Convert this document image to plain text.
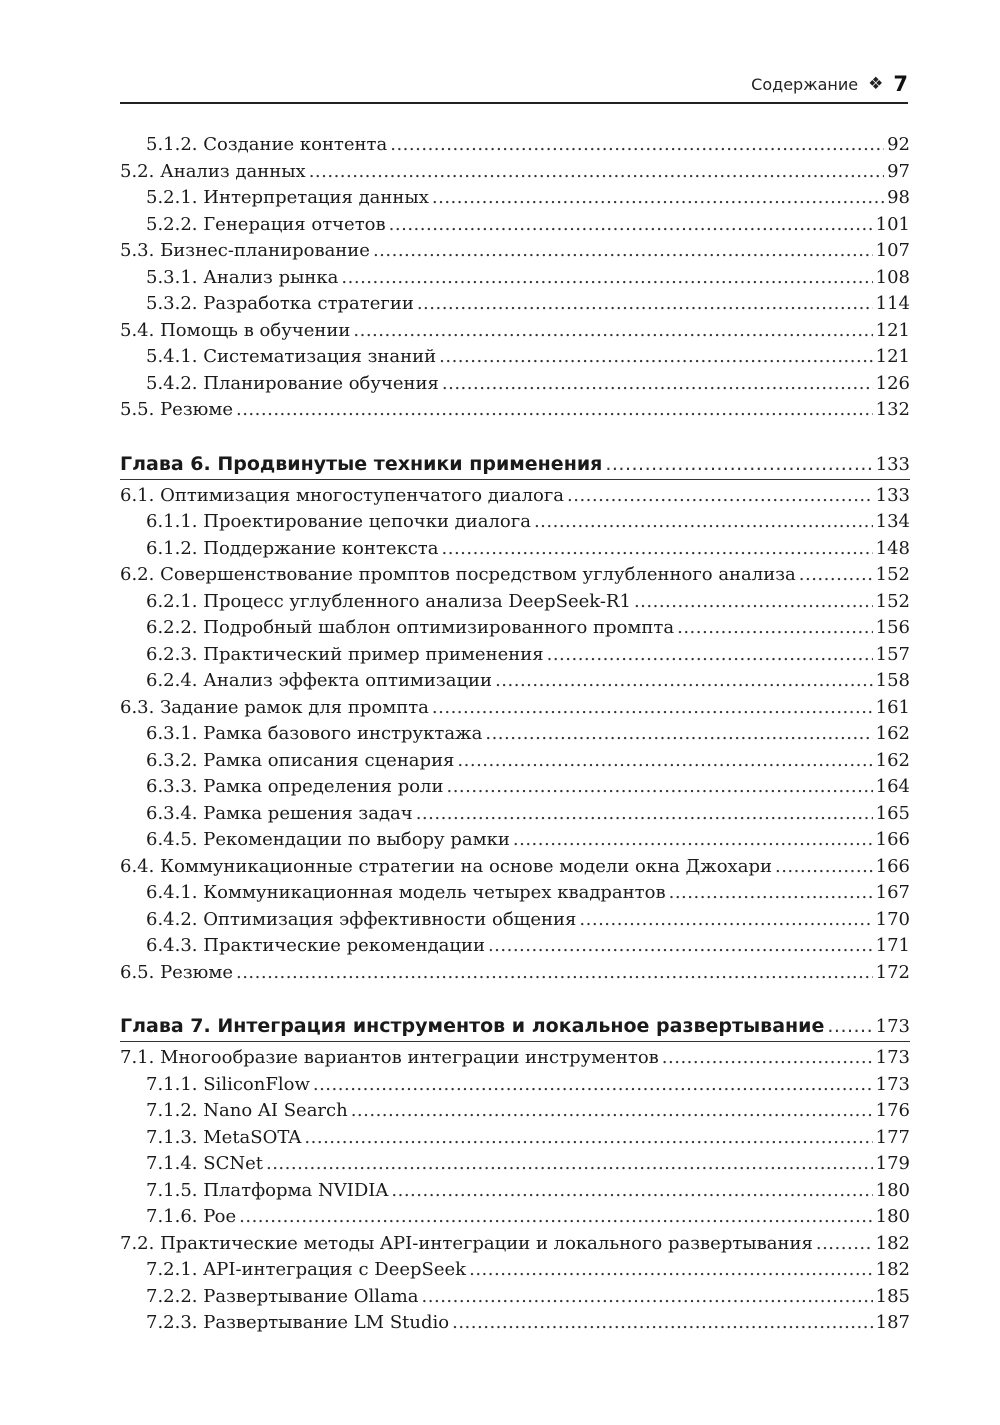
Содержание ❖ 7
5.1.2. Создание контента .....	92
5.2. Анализ данных .....	97
5.2.1. Интерпретация данных .....	98
5.2.2. Генерация отчетов .....	101
5.3. Бизнес-планирование .....	107
5.3.1. Анализ рынка .....	108
5.3.2. Разработка стратегии .....	114
5.4. Помощь в обучении .....	121
5.4.1. Систематизация знаний .....	121
5.4.2. Планирование обучения .....	126
5.5. Резюме .....	132
Глава 6. Продвинутые техники применения .....	133
6.1. Оптимизация многоступенчатого диалога .....	133
6.1.1. Проектирование цепочки диалога .....	134
6.1.2. Поддержание контекста .....	148
6.2. Совершенствование промптов посредством углубленного анализа .....	152
6.2.1. Процесс углубленного анализа DeepSeek-R1 .....	152
6.2.2. Подробный шаблон оптимизированного промпта .....	156
6.2.3. Практический пример применения .....	157
6.2.4. Анализ эффекта оптимизации .....	158
6.3. Задание рамок для промпта .....	161
6.3.1. Рамка базового инструктажа .....	162
6.3.2. Рамка описания сценария .....	162
6.3.3. Рамка определения роли .....	164
6.3.4. Рамка решения задач .....	165
6.4.5. Рекомендации по выбору рамки .....	166
6.4. Коммуникационные стратегии на основе модели окна Джохари .....	166
6.4.1. Коммуникационная модель четырех квадрантов .....	167
6.4.2. Оптимизация эффективности общения .....	170
6.4.3. Практические рекомендации .....	171
6.5. Резюме .....	172
Глава 7. Интеграция инструментов и локальное развертывание .....	173
7.1. Многообразие вариантов интеграции инструментов .....	173
7.1.1. SiliconFlow .....	173
7.1.2. Nano AI Search .....	176
7.1.3. MetaSOTA .....	177
7.1.4. SCNet .....	179
7.1.5. Платформа NVIDIA .....	180
7.1.6. Poe .....	180
7.2. Практические методы API-интеграции и локального развертывания .....	182
7.2.1. API-интеграция с DeepSeek .....	182
7.2.2. Развертывание Ollama .....	185
7.2.3. Развертывание LM Studio .....	187
